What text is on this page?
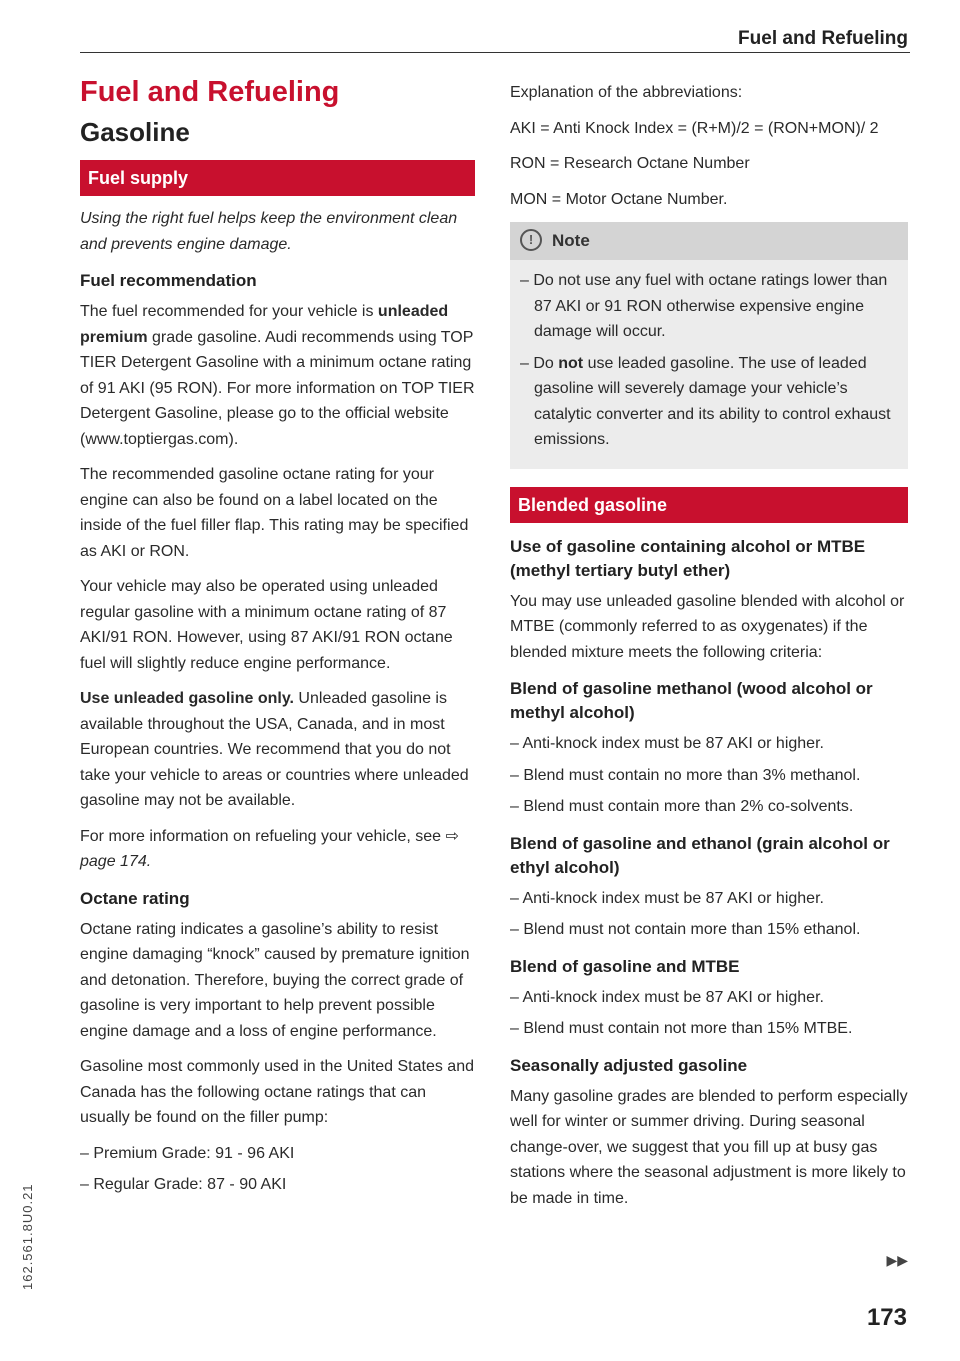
Fuel and Refueling
Fuel and Refueling
Gasoline
Fuel supply

Using the right fuel helps keep the environment clean and prevents engine damage.

Fuel recommendation

The fuel recommended for your vehicle is unleaded premium grade gasoline. Audi recommends using TOP TIER Detergent Gasoline with a minimum octane rating of 91 AKI (95 RON). For more information on TOP TIER Detergent Gasoline, please go to the official website (www.toptiergas.com).

The recommended gasoline octane rating for your engine can also be found on a label located on the inside of the fuel filler flap. This rating may be specified as AKI or RON.

Your vehicle may also be operated using unleaded regular gasoline with a minimum octane rating of 87 AKI/91 RON. However, using 87 AKI/91 RON octane fuel will slightly reduce engine performance.

Use unleaded gasoline only. Unleaded gasoline is available throughout the USA, Canada, and in most European countries. We recommend that you do not take your vehicle to areas or countries where unleaded gasoline may not be available.

For more information on refueling your vehicle, see ⇨ page 174.

Octane rating

Octane rating indicates a gasoline’s ability to resist engine damaging “knock” caused by premature ignition and detonation. Therefore, buying the correct grade of gasoline is very important to help prevent possible engine damage and a loss of engine performance.

Gasoline most commonly used in the United States and Canada has the following octane ratings that can usually be found on the filler pump:

– Premium Grade: 91 - 96 AKI

– Regular Grade: 87 - 90 AKI

Explanation of the abbreviations:

AKI = Anti Knock Index = (R+M)/2 = (RON+MON)/ 2

RON = Research Octane Number

MON = Motor Octane Number.

! Note

– Do not use any fuel with octane ratings lower than 87 AKI or 91 RON otherwise expensive engine damage will occur.

– Do not use leaded gasoline. The use of leaded gasoline will severely damage your vehicle’s catalytic converter and its ability to control exhaust emissions.

Blended gasoline
Use of gasoline containing alcohol or MTBE (methyl tertiary butyl ether)

You may use unleaded gasoline blended with alcohol or MTBE (commonly referred to as oxygenates) if the blended mixture meets the following criteria:

Blend of gasoline methanol (wood alcohol or methyl alcohol)

– Anti-knock index must be 87 AKI or higher.

– Blend must contain no more than 3% methanol.

– Blend must contain more than 2% co-solvents.

Blend of gasoline and ethanol (grain alcohol or ethyl alcohol)

– Anti-knock index must be 87 AKI or higher.

– Blend must not contain more than 15% ethanol.

Blend of gasoline and MTBE

– Anti-knock index must be 87 AKI or higher.

– Blend must contain not more than 15% MTBE.

Seasonally adjusted gasoline

Many gasoline grades are blended to perform especially well for winter or summer driving. During seasonal change-over, we suggest that you fill up at busy gas stations where the seasonal adjustment is more likely to be made in time.

▶▶
173
162.561.8U0.21
